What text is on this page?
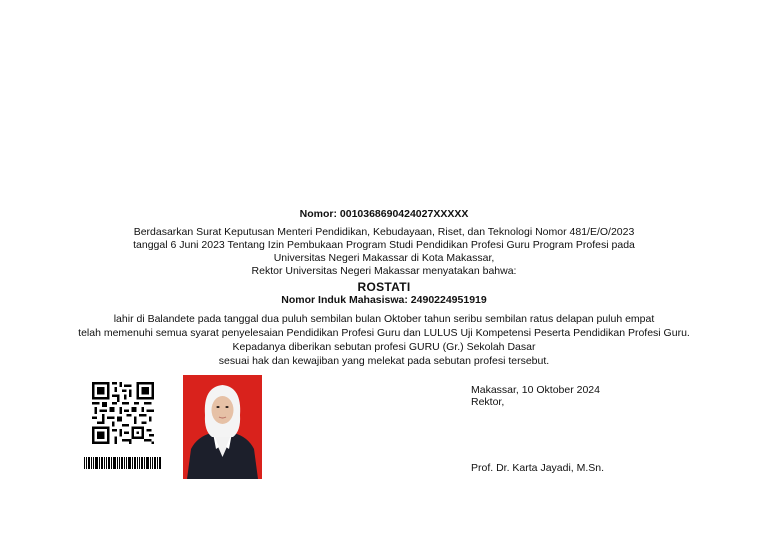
Nomor: 0010368690424027XXXXX
Berdasarkan Surat Keputusan Menteri Pendidikan, Kebudayaan, Riset, dan Teknologi Nomor 481/E/O/2023
tanggal 6 Juni 2023 Tentang Izin Pembukaan Program Studi Pendidikan Profesi Guru Program Profesi pada
Universitas Negeri Makassar di Kota Makassar,
Rektor Universitas Negeri Makassar menyatakan bahwa:
ROSTATI
Nomor Induk Mahasiswa: 2490224951919
lahir di Balandete pada tanggal dua puluh sembilan bulan Oktober tahun seribu sembilan ratus delapan puluh empat
telah memenuhi semua syarat penyelesaian Pendidikan Profesi Guru dan LULUS Uji Kompetensi Peserta Pendidikan Profesi Guru.
Kepadanya diberikan sebutan profesi GURU (Gr.) Sekolah Dasar
sesuai hak dan kewajiban yang melekat pada sebutan profesi tersebut.
Makassar, 10 Oktober 2024
Rektor,
Prof. Dr. Karta Jayadi, M.Sn.
